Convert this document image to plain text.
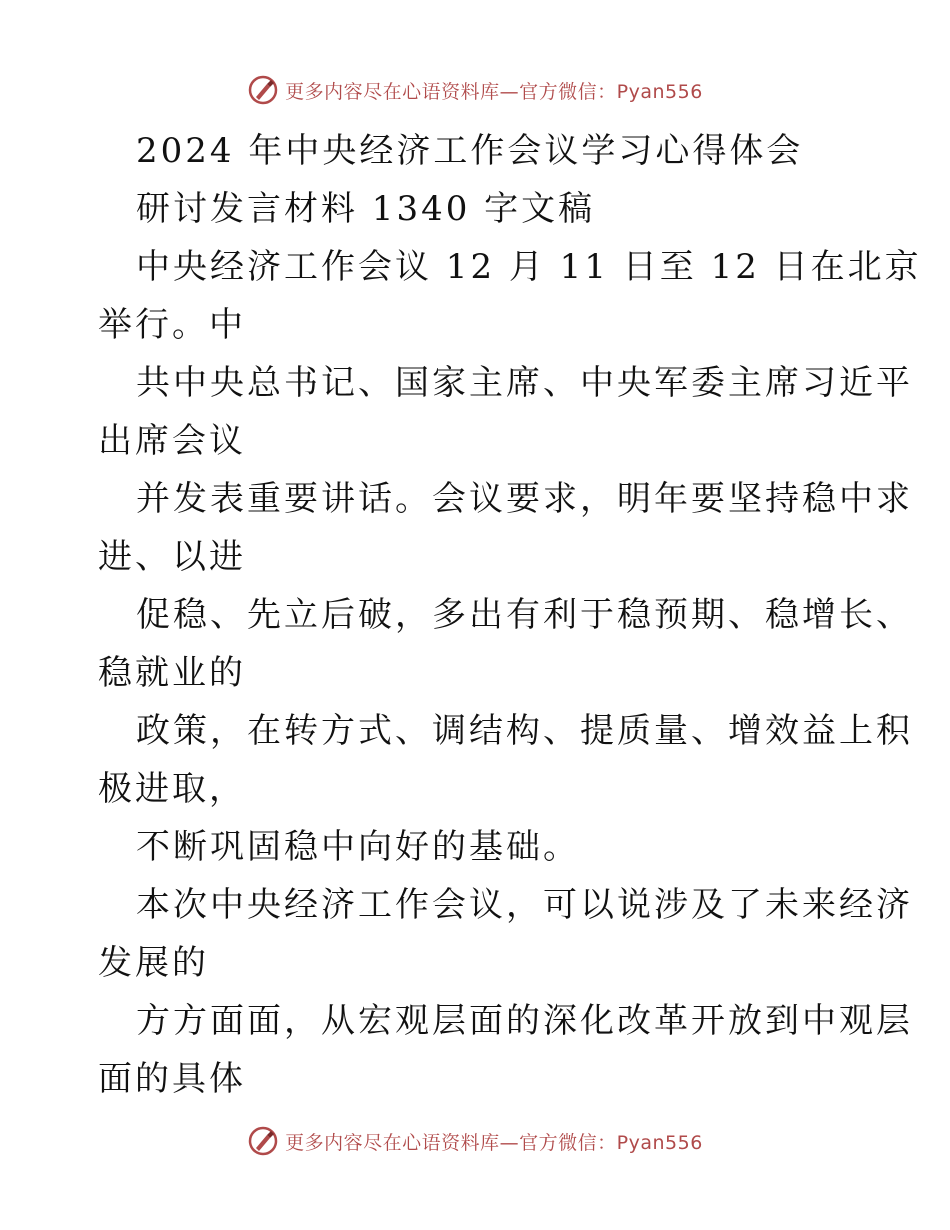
更多内容尽在心语资料库—官方微信：Pyan556
2024 年中央经济工作会议学习心得体会
研讨发言材料 1340 字文稿
中央经济工作会议 12 月 11 日至 12 日在北京
举行。中
共中央总书记、国家主席、中央军委主席习近平
出席会议
并发表重要讲话。会议要求，明年要坚持稳中求
进、以进
促稳、先立后破，多出有利于稳预期、稳增长、
稳就业的
政策，在转方式、调结构、提质量、增效益上积
极进取，
不断巩固稳中向好的基础。
本次中央经济工作会议，可以说涉及了未来经济
发展的
方方面面，从宏观层面的深化改革开放到中观层
面的具体
更多内容尽在心语资料库—官方微信：Pyan556
